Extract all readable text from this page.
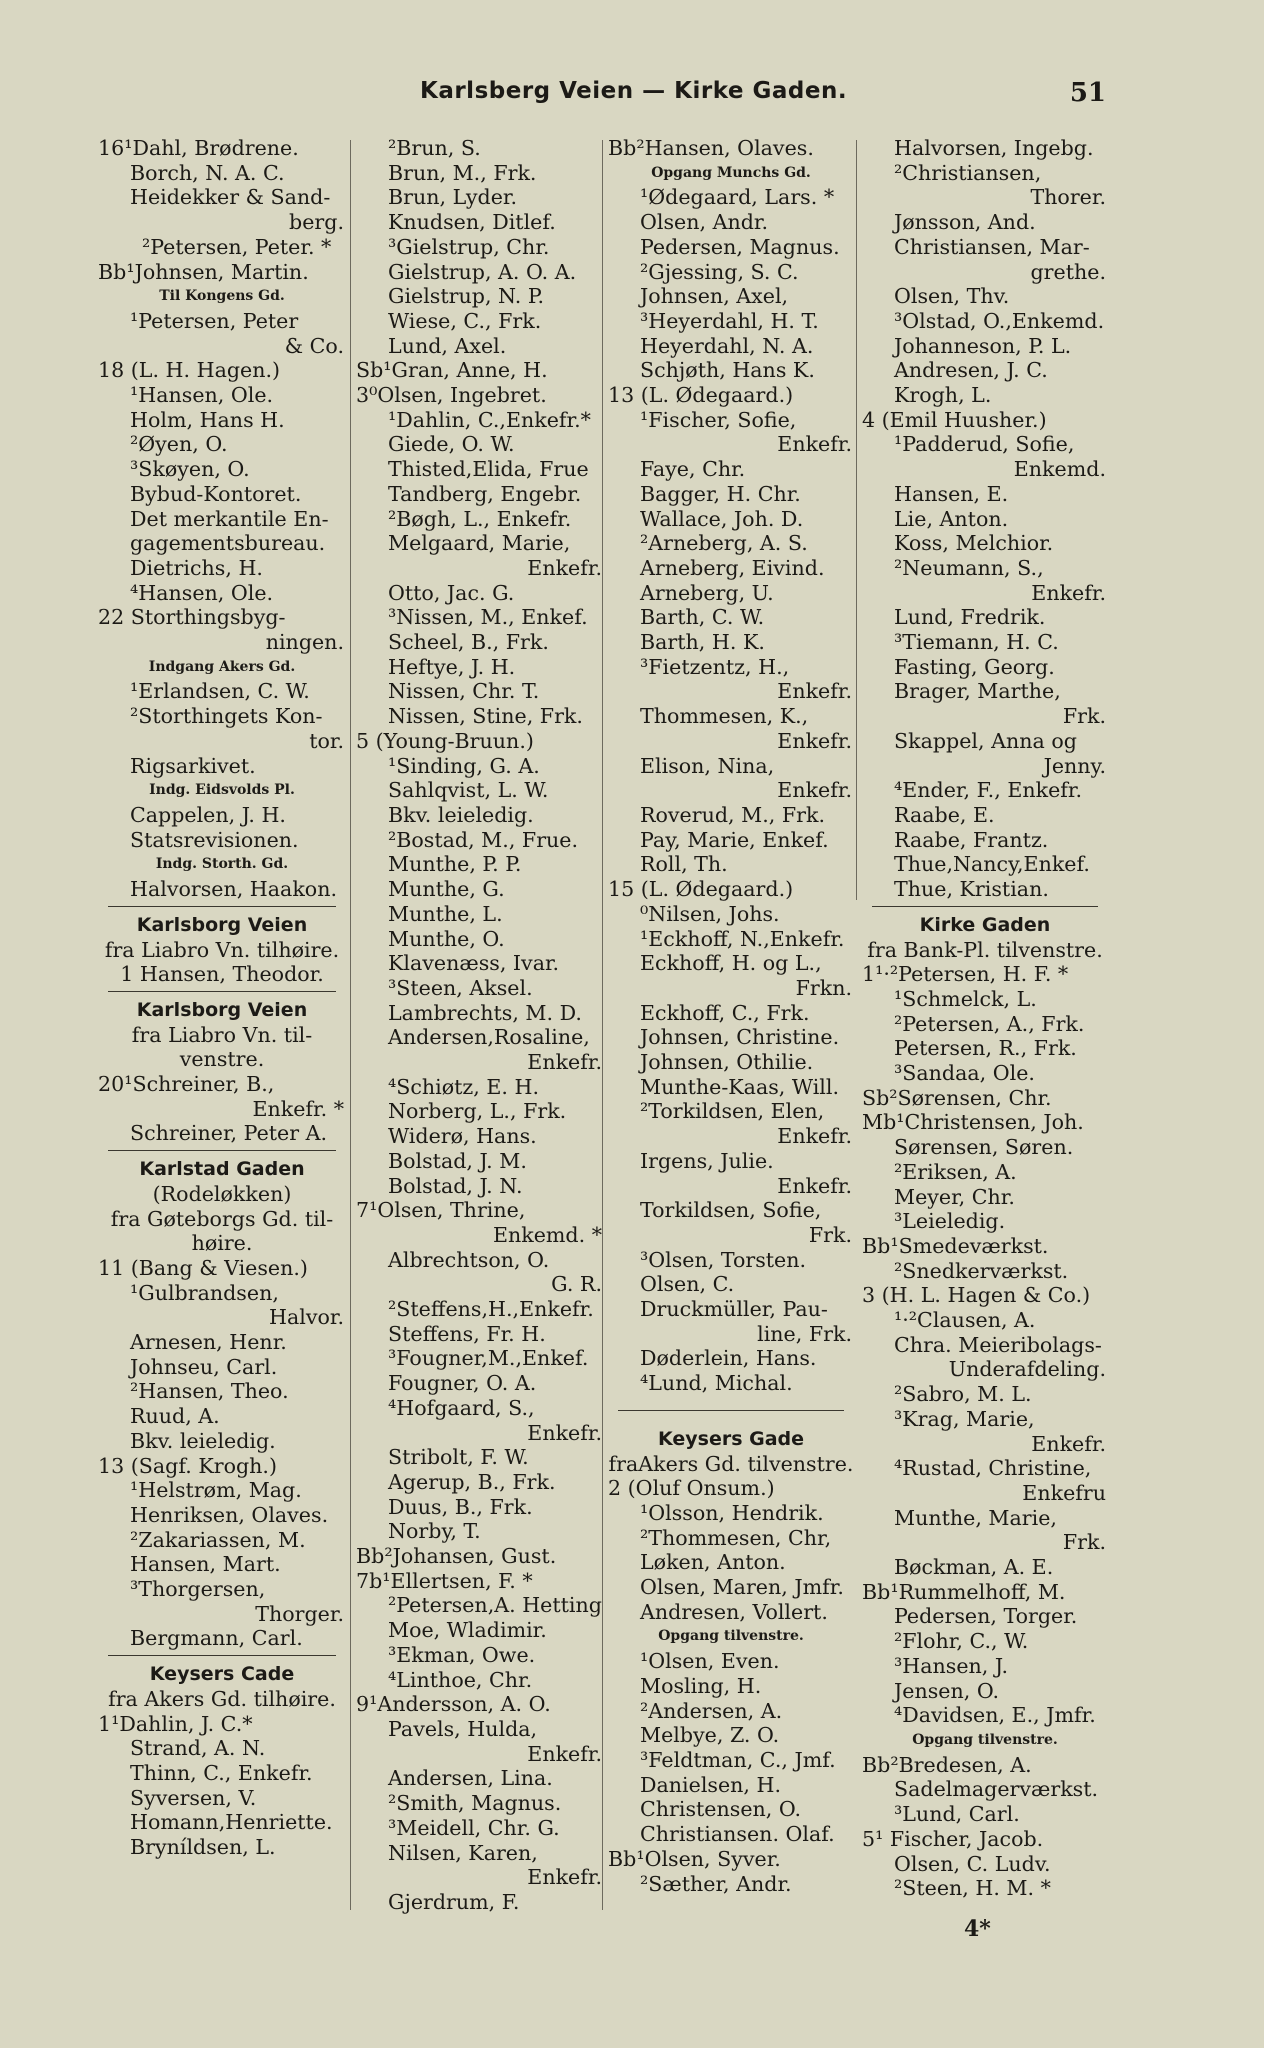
Karlsberg Veien — Kirke Gaden.	51
16¹Dahl, Brødrene.
Borch, N. A. C.
Heidekker & Sand-
berg.
²Petersen, Peter. *
Bb¹Johnsen, Martin.
Til Kongens Gd.
¹Petersen, Peter
& Co.
18 (L. H. Hagen.)
¹Hansen, Ole.
Holm, Hans H.
²Øyen, O.
³Skøyen, O.
Bybud-Kontoret.
Det merkantile En-
gagementsbureau.
Dietrichs, H.
⁴Hansen, Ole.
22 Storthingsbyg-
ningen.
Indgang Akers Gd.
¹Erlandsen, C. W.
²Storthingets Kon-
tor.
Rigsarkivet.
Indg. Eidsvolds Pl.
Cappelen, J. H.
Statsrevisionen.
Indg. Storth. Gd.
Halvorsen, Haakon.
Karlsborg Veien
fra Liabro Vn. tilhøire.
1 Hansen, Theodor.
Karlsborg Veien
fra Liabro Vn. til-
venstre.
20¹Schreiner, B.,
Enkefr. *
Schreiner, Peter A.
Karlstad Gaden
(Rodeløkken)
fra Gøteborgs Gd. til-
høire.
11 (Bang & Viesen.)
¹Gulbrandsen,
Halvor.
Arnesen, Henr.
Johnseu, Carl.
²Hansen, Theo.
Ruud, A.
Bkv. leieledig.
13 (Sagf. Krogh.)
¹Helstrøm, Mag.
Henriksen, Olaves.
²Zakariassen, M.
Hansen, Mart.
³Thorgersen,
Thorger.
Bergmann, Carl.
Keysers Cade
fra Akers Gd. tilhøire.
1¹Dahlin, J. C.*
Strand, A. N.
Thinn, C., Enkefr.
Syversen, V.
Homann,Henriette.
Bryníldsen, L.
²Brun, S.
Brun, M., Frk.
Brun, Lyder.
Knudsen, Ditlef.
³Gielstrup, Chr.
Gielstrup, A. O. A.
Gielstrup, N. P.
Wiese, C., Frk.
Lund, Axel.
Sb¹Gran, Anne, H.
3⁰Olsen, Ingebret.
¹Dahlin, C.,Enkefr.*
Giede, O. W.
Thisted,Elida, Frue
Tandberg, Engebr.
²Bøgh, L., Enkefr.
Melgaard, Marie,
Enkefr.
Otto, Jac. G.
³Nissen, M., Enkef.
Scheel, B., Frk.
Heftye, J. H.
Nissen, Chr. T.
Nissen, Stine, Frk.
5 (Young-Bruun.)
¹Sinding, G. A.
Sahlqvist, L. W.
Bkv. leieledig.
²Bostad, M., Frue.
Munthe, P. P.
Munthe, G.
Munthe, L.
Munthe, O.
Klavenæss, Ivar.
³Steen, Aksel.
Lambrechts, M. D.
Andersen,Rosaline,
Enkefr.
⁴Schiøtz, E. H.
Norberg, L., Frk.
Widerø, Hans.
Bolstad, J. M.
Bolstad, J. N.
7¹Olsen, Thrine,
Enkemd. *
Albrechtson, O.
G. R.
²Steffens,H.,Enkefr.
Steffens, Fr. H.
³Fougner,M.,Enkef.
Fougner, O. A.
⁴Hofgaard, S.,
Enkefr.
Stribolt, F. W.
Agerup, B., Frk.
Duus, B., Frk.
Norby, T.
Bb²Johansen, Gust.
7b¹Ellertsen, F. *
²Petersen,A. Hetting
Moe, Wladimir.
³Ekman, Owe.
⁴Linthoe, Chr.
9¹Andersson, A. O.
Pavels, Hulda,
Enkefr.
Andersen, Lina.
²Smith, Magnus.
³Meidell, Chr. G.
Nilsen, Karen,
Enkefr.
Gjerdrum, F.
Bb²Hansen, Olaves.
Opgang Munchs Gd.
¹Ødegaard, Lars. *
Olsen, Andr.
Pedersen, Magnus.
²Gjessing, S. C.
Johnsen, Axel,
³Heyerdahl, H. T.
Heyerdahl, N. A.
Schjøth, Hans K.
13 (L. Ødegaard.)
¹Fischer, Sofie,
Enkefr.
Faye, Chr.
Bagger, H. Chr.
Wallace, Joh. D.
²Arneberg, A. S.
Arneberg, Eivind.
Arneberg, U.
Barth, C. W.
Barth, H. K.
³Fietzentz, H.,
Enkefr.
Thommesen, K.,
Enkefr.
Elison, Nina,
Enkefr.
Roverud, M., Frk.
Pay, Marie, Enkef.
Roll, Th.
15 (L. Ødegaard.)
⁰Nilsen, Johs.
¹Eckhoff, N.,Enkefr.
Eckhoff, H. og L.,
Frkn.
Eckhoff, C., Frk.
Johnsen, Christine.
Johnsen, Othilie.
Munthe-Kaas, Will.
²Torkildsen, Elen,
Enkefr.
Irgens, Julie.
Enkefr.
Torkildsen, Sofie,
Frk.
³Olsen, Torsten.
Olsen, C.
Druckmüller, Pau-
line, Frk.
Døderlein, Hans.
⁴Lund, Michal.
Keysers Gade
fraAkers Gd. tilvenstre.
2 (Oluf Onsum.)
¹Olsson, Hendrik.
²Thommesen, Chr,
Løken, Anton.
Olsen, Maren, Jmfr.
Andresen, Vollert.
Opgang tilvenstre.
¹Olsen, Even.
Mosling, H.
²Andersen, A.
Melbye, Z. O.
³Feldtman, C., Jmf.
Danielsen, H.
Christensen, O.
Christiansen. Olaf.
Bb¹Olsen, Syver.
²Sæther, Andr.
Halvorsen, Ingebg.
²Christiansen,
Thorer.
Jønsson, And.
Christiansen, Mar-
grethe.
Olsen, Thv.
³Olstad, O.,Enkemd.
Johanneson, P. L.
Andresen, J. C.
Krogh, L.
4 (Emil Huusher.)
¹Padderud, Sofie,
Enkemd.
Hansen, E.
Lie, Anton.
Koss, Melchior.
²Neumann, S.,
Enkefr.
Lund, Fredrik.
³Tiemann, H. C.
Fasting, Georg.
Brager, Marthe,
Frk.
Skappel, Anna og
Jenny.
⁴Ender, F., Enkefr.
Raabe, E.
Raabe, Frantz.
Thue,Nancy,Enkef.
Thue, Kristian.
Kirke Gaden
fra Bank-Pl. tilvenstre.
1¹·²Petersen, H. F. *
¹Schmelck, L.
²Petersen, A., Frk.
Petersen, R., Frk.
³Sandaa, Ole.
Sb²Sørensen, Chr.
Mb¹Christensen, Joh.
Sørensen, Søren.
²Eriksen, A.
Meyer, Chr.
³Leieledig.
Bb¹Smedeværkst.
²Snedkerværkst.
3 (H. L. Hagen & Co.)
¹·²Clausen, A.
Chra. Meieribolags-
Underafdeling.
²Sabro, M. L.
³Krag, Marie,
Enkefr.
⁴Rustad, Christine,
Enkefru
Munthe, Marie,
Frk.
Bøckman, A. E.
Bb¹Rummelhoff, M.
Pedersen, Torger.
²Flohr, C., W.
³Hansen, J.
Jensen, O.
⁴Davidsen, E., Jmfr.
Opgang tilvenstre.
Bb²Bredesen, A.
Sadelmagerværkst.
³Lund, Carl.
5¹ Fischer, Jacob.
Olsen, C. Ludv.
²Steen, H. M. *
4*
